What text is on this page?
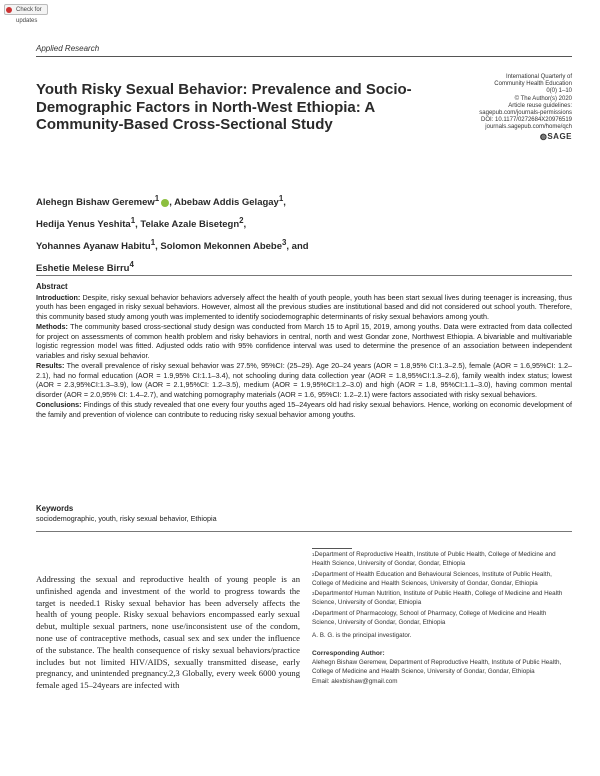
Check for updates
Applied Research
International Quarterly of
Community Health Education
0(0) 1–10
© The Author(s) 2020
Article reuse guidelines:
sagepub.com/journals-permissions
DOI: 10.1177/0272684X20976519
journals.sagepub.com/home/qch
◍SAGE
Youth Risky Sexual Behavior: Prevalence and Socio-Demographic Factors in North-West Ethiopia: A Community-Based Cross-Sectional Study
Alehegn Bishaw Geremew$^1$ , Abebaw Addis Gelagay$^1$,
Hedija Yenus Yeshita$^1$, Telake Azale Bisetegn$^2$,
Yohannes Ayanaw Habitu$^1$, Solomon Mekonnen Abebe$^3$, and
Eshetie Melese Birru$^4$
Abstract

Introduction: Despite, risky sexual behavior behaviors adversely affect the health of youth people, youth has been start sexual lives during teenager is increasing, thus youth has been engaged in risky sexual behaviors. However, almost all the previous studies are institutional based and did not considered out school youth. Therefore, this community based study among youth was implemented to identify sociodemographic determinants of risky sexual behaviors among youth.

Methods: The community based cross-sectional study design was conducted from March 15 to April 15, 2019, among youths. Data were extracted from data collected for project on assessments of common health problem and risky behaviors in central, north and west Gondar zone, Northwest Ethiopia. A bivariable and multivariable logistic regression model was fitted. Adjusted odds ratio with 95% confidence interval was used to determine the presence of an association between independent variables and risky sexual behavior.

Results: The overall prevalence of risky sexual behavior was 27.5%, 95%CI: (25–29). Age 20–24 years (AOR = 1.8,95% CI:1.3–2.5), female (AOR = 1.6,95%CI: 1.2–2.1), had no formal education (AOR = 1.9,95% CI:1.1–3.4), not schooling during data collection year (AOR = 1.8,95%CI:1.3–2.6), family wealth index status; lowest (AOR = 2.3,95%CI:1.3–3.9), low (AOR = 2.1,95%CI: 1.2–3.5), medium (AOR = 1.9,95%CI:1.2–3.0) and high (AOR = 1.8, 95%CI:1.1–3.0), having common mental disorder (AOR = 2.0,95% CI: 1.4–2.7), and watching pornography materials (AOR = 1.6, 95%CI: 1.2–2.1) were factors associated with risky sexual behaviors.

Conclusions: Findings of this study revealed that one every four youths aged 15–24years old had risky sexual behaviors. Hence, working on economic development of the family and prevention of violence can contribute to reducing risky sexual behavior among youths.

Keywords
sociodemographic, youth, risky sexual behavior, Ethiopia
Addressing the sexual and reproductive health of young people is an unfinished agenda and investment of the world to progress towards the target is needed.1 Risky sexual behavior has been adversely affects the health of young people. Risky sexual behaviors encompassed early sexual debut, multiple sexual partners, none use/inconsistent use of the condom, none use of contraceptive methods, casual sex and sex under the influence of the substance. The health consequence of risky sexual behaviors/practice includes but not limited HIV/AIDS, sexually transmitted disease, early pregnancy, and unintended pregnancy.2,3 Globally, every week 6000 young female aged 15–24years are infected with
$^1$Department of Reproductive Health, Institute of Public Health, College of Medicine and Health Science, University of Gondar, Gondar, Ethiopia
$^2$Department of Health Education and Behavioural Sciences, Institute of Public Health, College of Medicine and Health Sciences, University of Gondar, Gondar, Ethiopia
$^3$Departmentof Human Nutrition, Institute of Public Health, College of Medicine and Health Science, University of Gondar, Ethiopia
$^4$Department of Pharmacology, School of Pharmacy, College of Medicine and Health Science, University of Gondar, Gondar, Ethiopia
A. B. G. is the principal investigator.
Corresponding Author:
Alehegn Bishaw Geremew, Department of Reproductive Health, Institute of Public Health, College of Medicine and Health Science, University of Gondar, Gondar, Ethiopia
Email: alexbishaw@gmail.com
